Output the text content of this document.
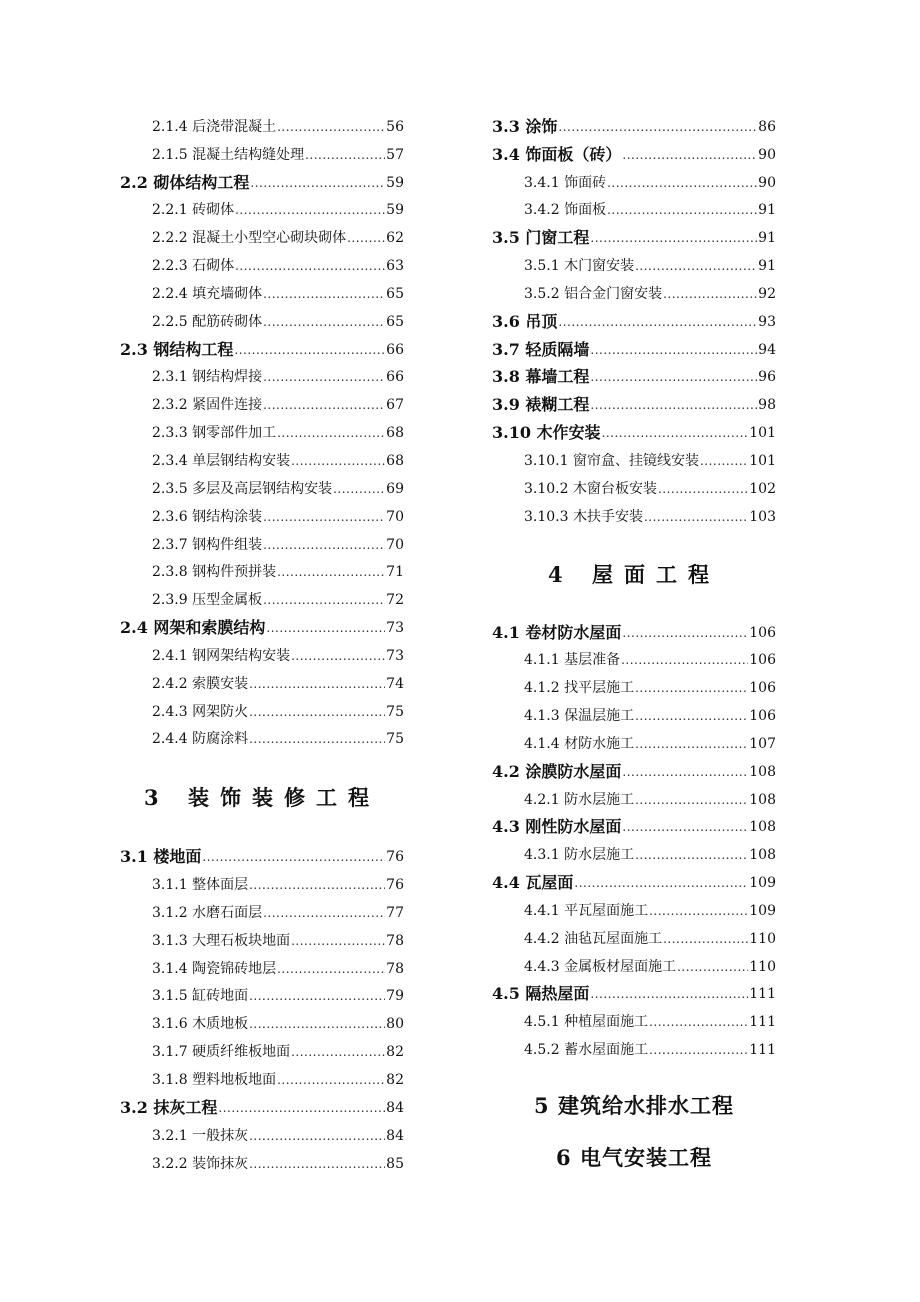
2.1.4 后浇带混凝土 .....	56
2.1.5 混凝土结构缝处理 .....	57
2.2 砌体结构工程 .....	59
2.2.1 砖砌体 .....	59
2.2.2 混凝土小型空心砌块砌体 .....	62
2.2.3 石砌体 .....	63
2.2.4 填充墙砌体 .....	65
2.2.5 配筋砖砌体 .....	65
2.3 钢结构工程 .....	66
2.3.1 钢结构焊接 .....	66
2.3.2 紧固件连接 .....	67
2.3.3 钢零部件加工 .....	68
2.3.4 单层钢结构安装 .....	68
2.3.5 多层及高层钢结构安装 .....	69
2.3.6 钢结构涂装 .....	70
2.3.7 钢构件组装 .....	70
2.3.8 钢构件预拼装 .....	71
2.3.9 压型金属板 .....	72
2.4 网架和索膜结构 .....	73
2.4.1 钢网架结构安装 .....	73
2.4.2 索膜安装 .....	74
2.4.3 网架防火 .....	75
2.4.4 防腐涂料 .....	75
3 装饰装修工程
3.1 楼地面 .....	76
3.1.1 整体面层 .....	76
3.1.2 水磨石面层 .....	77
3.1.3 大理石板块地面 .....	78
3.1.4 陶瓷锦砖地层 .....	78
3.1.5 缸砖地面 .....	79
3.1.6 木质地板 .....	80
3.1.7 硬质纤维板地面 .....	82
3.1.8 塑料地板地面 .....	82
3.2 抹灰工程 .....	84
3.2.1 一般抹灰 .....	84
3.2.2 装饰抹灰 .....	85
3.3 涂饰 .....	86
3.4 饰面板（砖） .....	90
3.4.1 饰面砖 .....	90
3.4.2 饰面板 .....	91
3.5 门窗工程 .....	91
3.5.1 木门窗安装 .....	91
3.5.2 铝合金门窗安装 .....	92
3.6 吊顶 .....	93
3.7 轻质隔墙 .....	94
3.8 幕墙工程 .....	96
3.9 裱糊工程 .....	98
3.10 木作安装 .....	101
3.10.1 窗帘盒、挂镜线安装 .....	101
3.10.2 木窗台板安装 .....	102
3.10.3 木扶手安装 .....	103
4 屋面工程
4.1 卷材防水屋面 .....	106
4.1.1 基层准备 .....	106
4.1.2 找平层施工 .....	106
4.1.3 保温层施工 .....	106
4.1.4 材防水施工 .....	107
4.2 涂膜防水屋面 .....	108
4.2.1 防水层施工 .....	108
4.3 刚性防水屋面 .....	108
4.3.1 防水层施工 .....	108
4.4 瓦屋面 .....	109
4.4.1 平瓦屋面施工 .....	109
4.4.2 油毡瓦屋面施工 .....	110
4.4.3 金属板材屋面施工 .....	110
4.5 隔热屋面 .....	111
4.5.1 种植屋面施工 .....	111
4.5.2 蓄水屋面施工 .....	111
5 建筑给水排水工程
6 电气安装工程
